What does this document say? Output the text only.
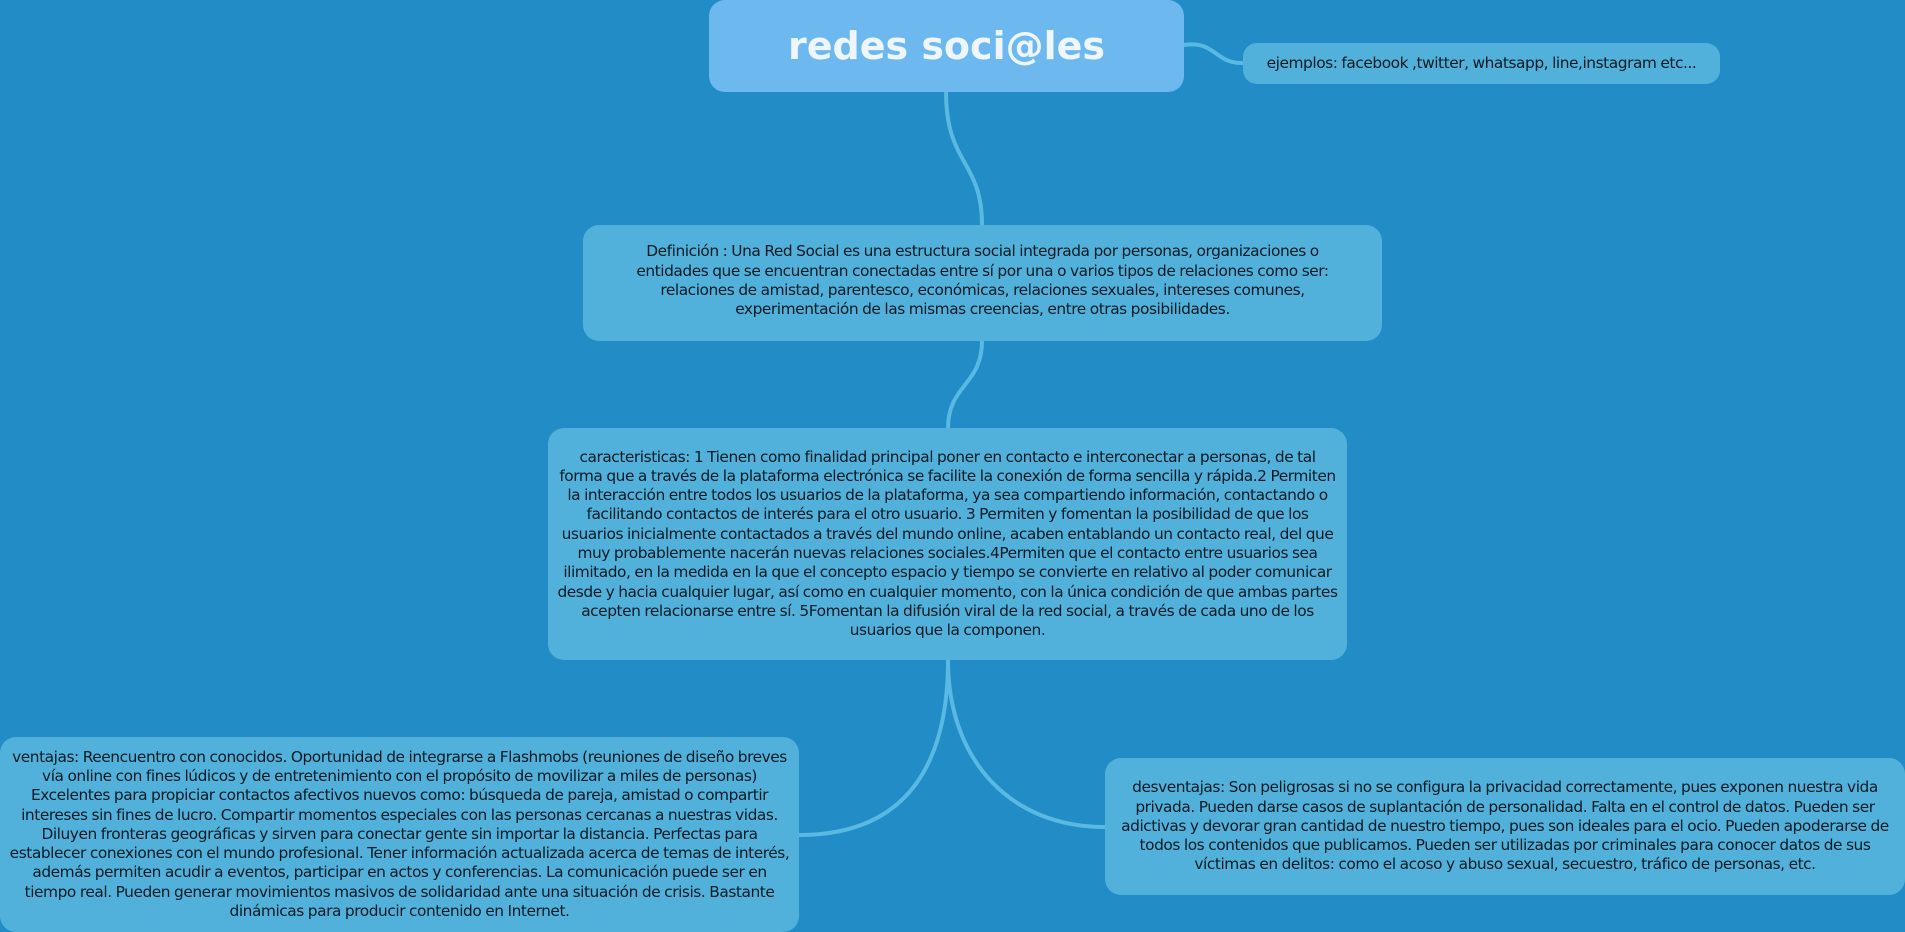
redes soci@les	ejemplos: facebook ,twitter, whatsapp, line,instagram etc...
Definición : Una Red Social es una estructura social integrada por personas, organizaciones o entidades que se encuentran conectadas entre sí por una o varios tipos de relaciones como ser: relaciones de amistad, parentesco, económicas, relaciones sexuales, intereses comunes, experimentación de las mismas creencias, entre otras posibilidades.
caracteristicas: 1 Tienen como finalidad principal poner en contacto e interconectar a personas, de tal forma que a través de la plataforma electrónica se facilite la conexión de forma sencilla y rápida.2 Permiten la interacción entre todos los usuarios de la plataforma, ya sea compartiendo información, contactando o facilitando contactos de interés para el otro usuario. 3 Permiten y fomentan la posibilidad de que los usuarios inicialmente contactados a través del mundo online, acaben entablando un contacto real, del que muy probablemente nacerán nuevas relaciones sociales.4Permiten que el contacto entre usuarios sea ilimitado, en la medida en la que el concepto espacio y tiempo se convierte en relativo al poder comunicar desde y hacia cualquier lugar, así como en cualquier momento, con la única condición de que ambas partes acepten relacionarse entre sí. 5Fomentan la difusión viral de la red social, a través de cada uno de los usuarios que la componen.
ventajas: Reencuentro con conocidos. Oportunidad de integrarse a Flashmobs (reuniones de diseño breves vía online con fines lúdicos y de entretenimiento con el propósito de movilizar a miles de personas) Excelentes para propiciar contactos afectivos nuevos como: búsqueda de pareja, amistad o compartir intereses sin fines de lucro. Compartir momentos especiales con las personas cercanas a nuestras vidas. Diluyen fronteras geográficas y sirven para conectar gente sin importar la distancia. Perfectas para establecer conexiones con el mundo profesional. Tener información actualizada acerca de temas de interés, además permiten acudir a eventos, participar en actos y conferencias. La comunicación puede ser en tiempo real. Pueden generar movimientos masivos de solidaridad ante una situación de crisis. Bastante dinámicas para producir contenido en Internet.
desventajas: Son peligrosas si no se configura la privacidad correctamente, pues exponen nuestra vida privada. Pueden darse casos de suplantación de personalidad. Falta en el control de datos. Pueden ser adictivas y devorar gran cantidad de nuestro tiempo, pues son ideales para el ocio. Pueden apoderarse de todos los contenidos que publicamos. Pueden ser utilizadas por criminales para conocer datos de sus víctimas en delitos: como el acoso y abuso sexual, secuestro, tráfico de personas, etc.
